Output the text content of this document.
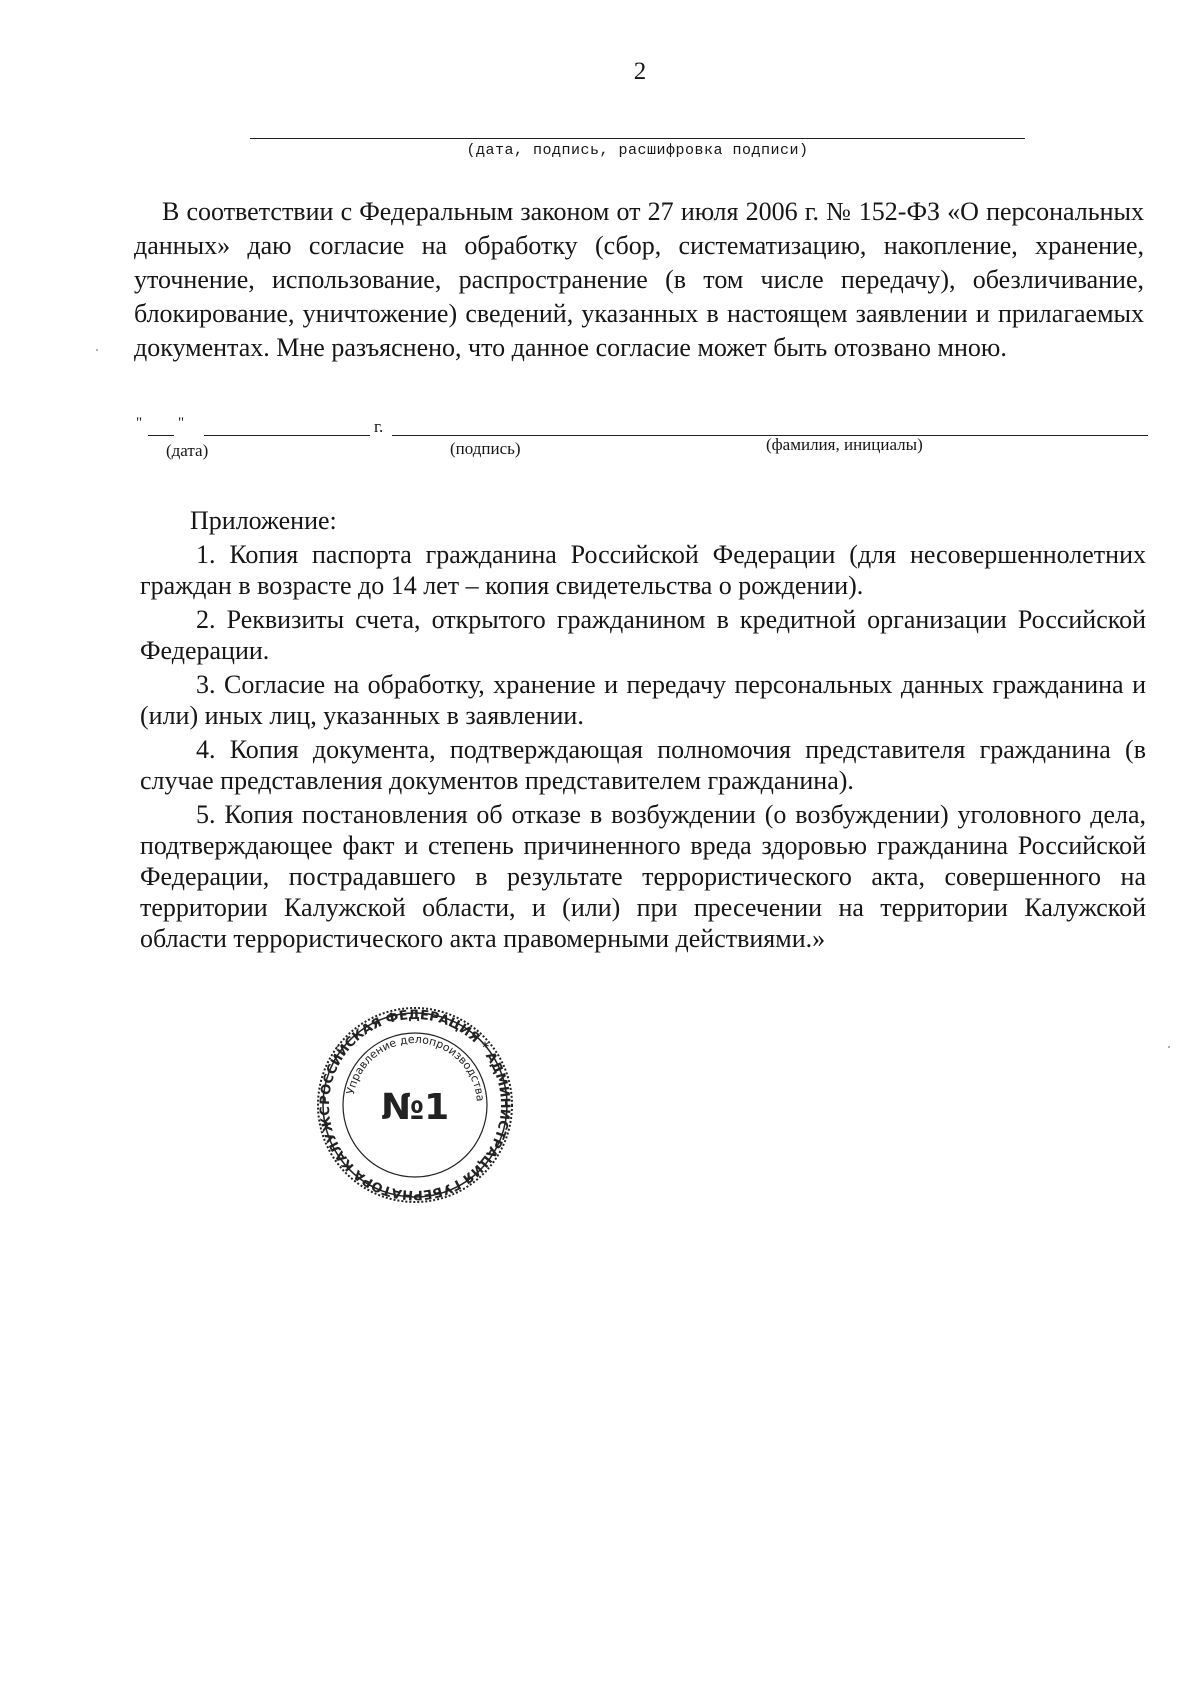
2
(дата, подпись, расшифровка подписи)

В соответствии с Федеральным законом от 27 июля 2006 г. № 152-ФЗ «О персональных данных» даю согласие на обработку (сбор, систематизацию, накопление, хранение, уточнение, использование, распространение (в том числе передачу), обезличивание, блокирование, уничтожение) сведений, указанных в настоящем заявлении и прилагаемых документах. Мне разъяснено, что данное согласие может быть отозвано мною.

" "	г.
(дата)	(подпись)	(фамилия, инициалы)

Приложение:

1. Копия паспорта гражданина Российской Федерации (для несовершеннолетних граждан в возрасте до 14 лет – копия свидетельства о рождении).

2. Реквизиты счета, открытого гражданином в кредитной организации Российской Федерации.

3. Согласие на обработку, хранение и передачу персональных данных гражданина и (или) иных лиц, указанных в заявлении.

4. Копия документа, подтверждающая полномочия представителя гражданина (в случае представления документов представителем гражданина).

5. Копия постановления об отказе в возбуждении (о возбуждении) уголовного дела, подтверждающее факт и степень причиненного вреда здоровью гражданина Российской Федерации, пострадавшего в результате террористического акта, совершенного на территории Калужской области, и (или) при пресечении на территории Калужской области террористического акта правомерными действиями.»

РОССИЙСКАЯ ФЕДЕРАЦИЯ * АДМИНИСТРАЦИЯ ГУБЕРНАТОРА КАЛУЖС
Управление делопроизводства
№1
